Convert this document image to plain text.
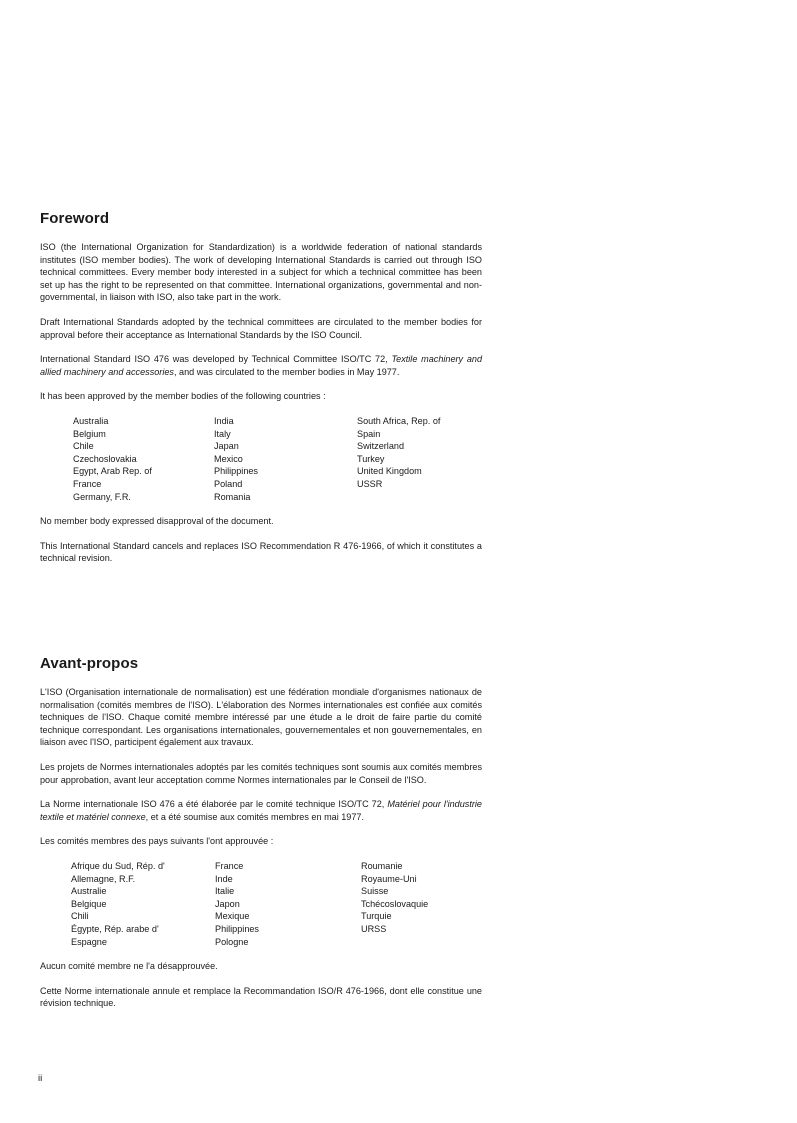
Foreword

ISO (the International Organization for Standardization) is a worldwide federation of national standards institutes (ISO member bodies). The work of developing International Standards is carried out through ISO technical committees. Every member body interested in a subject for which a technical committee has been set up has the right to be represented on that committee. International organizations, governmental and non-governmental, in liaison with ISO, also take part in the work.

Draft International Standards adopted by the technical committees are circulated to the member bodies for approval before their acceptance as International Standards by the ISO Council.

International Standard ISO 476 was developed by Technical Committee ISO/TC 72, Textile machinery and allied machinery and accessories, and was circulated to the member bodies in May 1977.

It has been approved by the member bodies of the following countries :

Australia
Belgium
Chile
Czechoslovakia
Egypt, Arab Rep. of
France
Germany, F.R.
India
Italy
Japan
Mexico
Philippines
Poland
Romania
South Africa, Rep. of
Spain
Switzerland
Turkey
United Kingdom
USSR

No member body expressed disapproval of the document.

This International Standard cancels and replaces ISO Recommendation R 476-1966, of which it constitutes a technical revision.

Avant-propos

L'ISO (Organisation internationale de normalisation) est une fédération mondiale d'organismes nationaux de normalisation (comités membres de l'ISO). L'élaboration des Normes internationales est confiée aux comités techniques de l'ISO. Chaque comité membre intéressé par une étude a le droit de faire partie du comité technique correspondant. Les organisations internationales, gouvernementales et non gouvernementales, en liaison avec l'ISO, participent également aux travaux.

Les projets de Normes internationales adoptés par les comités techniques sont soumis aux comités membres pour approbation, avant leur acceptation comme Normes internationales par le Conseil de l'ISO.

La Norme internationale ISO 476 a été élaborée par le comité technique ISO/TC 72, Matériel pour l'industrie textile et matériel connexe, et a été soumise aux comités membres en mai 1977.

Les comités membres des pays suivants l'ont approuvée :

Afrique du Sud, Rép. d'
Allemagne, R.F.
Australie
Belgique
Chili
Égypte, Rép. arabe d'
Espagne
France
Inde
Italie
Japon
Mexique
Philippines
Pologne
Roumanie
Royaume-Uni
Suisse
Tchécoslovaquie
Turquie
URSS

Aucun comité membre ne l'a désapprouvée.

Cette Norme internationale annule et remplace la Recommandation ISO/R 476-1966, dont elle constitue une révision technique.

ii
